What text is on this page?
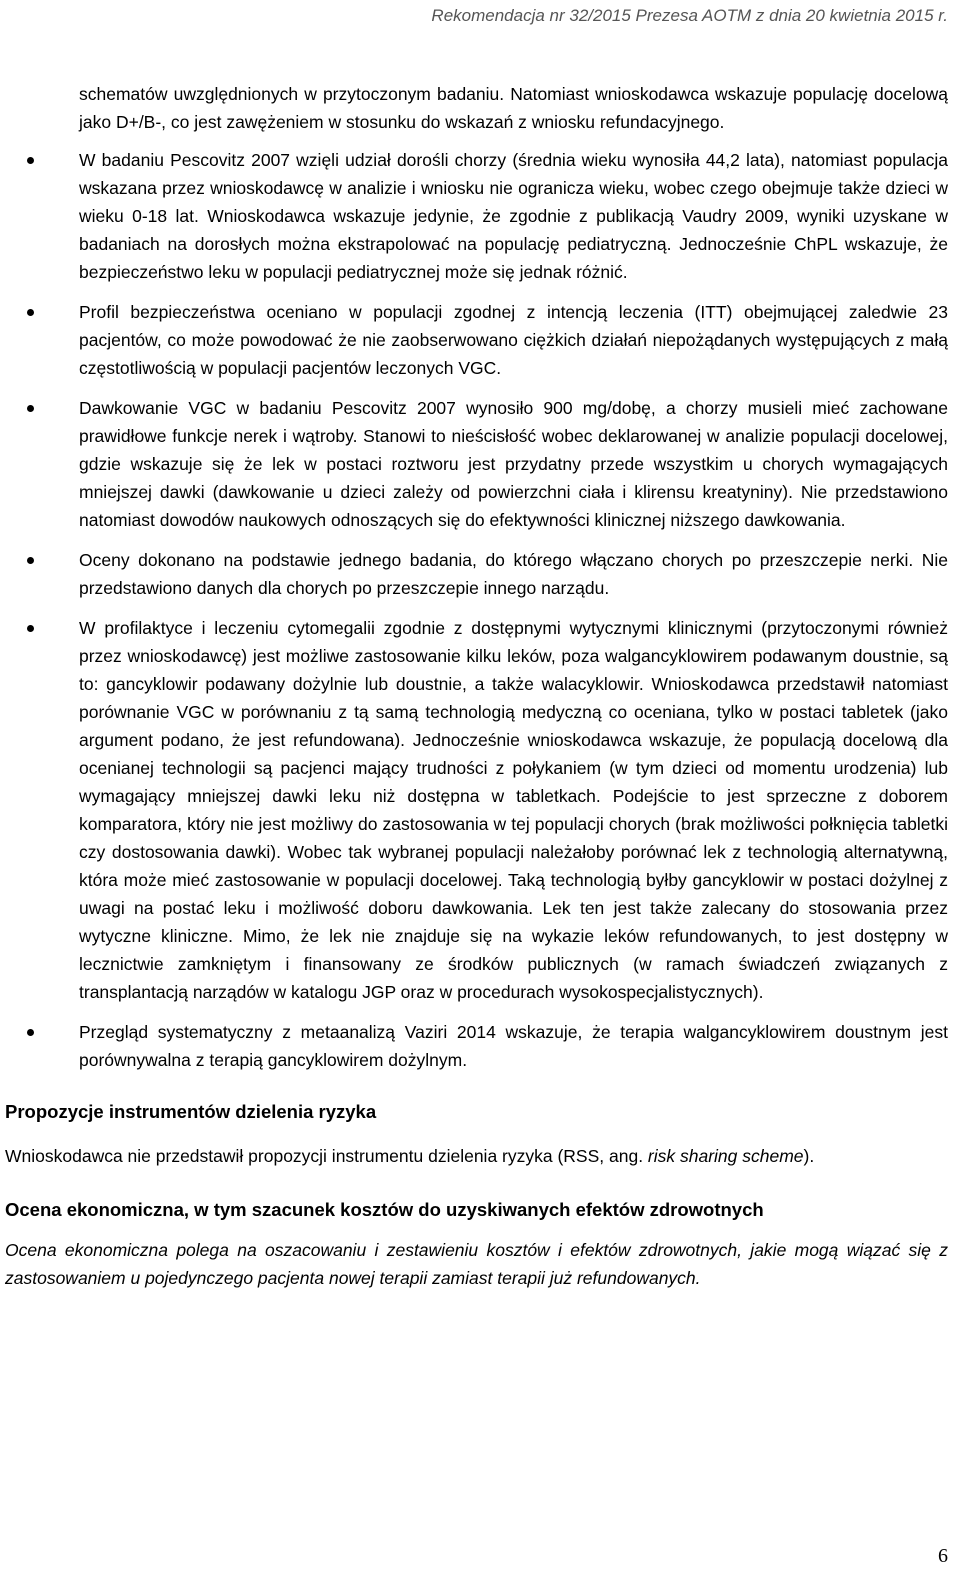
Rekomendacja nr 32/2015 Prezesa AOTM z dnia 20 kwietnia 2015 r.

schematów uwzględnionych w przytoczonym badaniu. Natomiast wnioskodawca wskazuje populację docelową jako D+/B-, co jest zawężeniem w stosunku do wskazań z wniosku refundacyjnego.

W badaniu Pescovitz 2007 wzięli udział dorośli chorzy (średnia wieku wynosiła 44,2 lata), natomiast populacja wskazana przez wnioskodawcę w analizie i wniosku nie ogranicza wieku, wobec czego obejmuje także dzieci w wieku 0-18 lat. Wnioskodawca wskazuje jedynie, że zgodnie z publikacją Vaudry 2009, wyniki uzyskane w badaniach na dorosłych można ekstrapolować na populację pediatryczną. Jednocześnie ChPL wskazuje, że bezpieczeństwo leku w populacji pediatrycznej może się jednak różnić.
Profil bezpieczeństwa oceniano w populacji zgodnej z intencją leczenia (ITT) obejmującej zaledwie 23 pacjentów, co może powodować że nie zaobserwowano ciężkich działań niepożądanych występujących z małą częstotliwością w populacji pacjentów leczonych VGC.
Dawkowanie VGC w badaniu Pescovitz 2007 wynosiło 900 mg/dobę, a chorzy musieli mieć zachowane prawidłowe funkcje nerek i wątroby. Stanowi to nieścisłość wobec deklarowanej w analizie populacji docelowej, gdzie wskazuje się że lek w postaci roztworu jest przydatny przede wszystkim u chorych wymagających mniejszej dawki (dawkowanie u dzieci zależy od powierzchni ciała i klirensu kreatyniny). Nie przedstawiono natomiast dowodów naukowych odnoszących się do efektywności klinicznej niższego dawkowania.
Oceny dokonano na podstawie jednego badania, do którego włączano chorych po przeszczepie nerki. Nie przedstawiono danych dla chorych po przeszczepie innego narządu.
W profilaktyce i leczeniu cytomegalii zgodnie z dostępnymi wytycznymi klinicznymi (przytoczonymi również przez wnioskodawcę) jest możliwe zastosowanie kilku leków, poza walgancyklowirem podawanym doustnie, są to: gancyklowir podawany dożylnie lub doustnie, a także walacyklowir. Wnioskodawca przedstawił natomiast porównanie VGC w porównaniu z tą samą technologią medyczną co oceniana, tylko w postaci tabletek (jako argument podano, że jest refundowana). Jednocześnie wnioskodawca wskazuje, że populacją docelową dla ocenianej technologii są pacjenci mający trudności z połykaniem (w tym dzieci od momentu urodzenia) lub wymagający mniejszej dawki leku niż dostępna w tabletkach. Podejście to jest sprzeczne z doborem komparatora, który nie jest możliwy do zastosowania w tej populacji chorych (brak możliwości połknięcia tabletki czy dostosowania dawki). Wobec tak wybranej populacji należałoby porównać lek z technologią alternatywną, która może mieć zastosowanie w populacji docelowej. Taką technologią byłby gancyklowir w postaci dożylnej z uwagi na postać leku i możliwość doboru dawkowania. Lek ten jest także zalecany do stosowania przez wytyczne kliniczne. Mimo, że lek nie znajduje się na wykazie leków refundowanych, to jest dostępny w lecznictwie zamkniętym i finansowany ze środków publicznych (w ramach świadczeń związanych z transplantacją narządów w katalogu JGP oraz w procedurach wysokospecjalistycznych).
Przegląd systematyczny z metaanalizą Vaziri 2014 wskazuje, że terapia walgancyklowirem doustnym jest porównywalna z terapią gancyklowirem dożylnym.
Propozycje instrumentów dzielenia ryzyka

Wnioskodawca nie przedstawił propozycji instrumentu dzielenia ryzyka (RSS, ang. risk sharing scheme).

Ocena ekonomiczna, w tym szacunek kosztów do uzyskiwanych efektów zdrowotnych

Ocena ekonomiczna polega na oszacowaniu i zestawieniu kosztów i efektów zdrowotnych, jakie mogą wiązać się z zastosowaniem u pojedynczego pacjenta nowej terapii zamiast terapii już refundowanych.

6
